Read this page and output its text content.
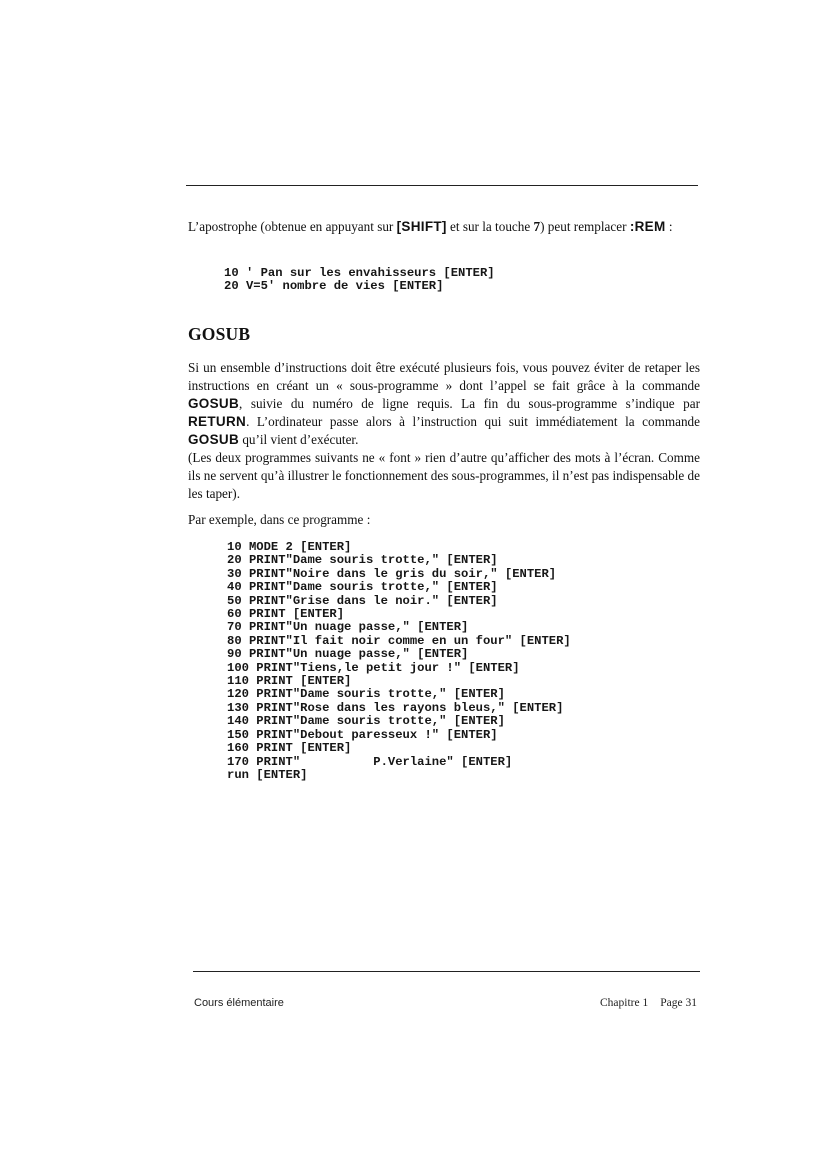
L’apostrophe (obtenue en appuyant sur [SHIFT] et sur la touche 7) peut remplacer :REM :

10 ' Pan sur les envahisseurs [ENTER]
20 V=5' nombre de vies [ENTER]
GOSUB

Si un ensemble d’instructions doit être exécuté plusieurs fois, vous pouvez éviter de retaper les instructions en créant un « sous-programme » dont l’appel se fait grâce à la commande GOSUB, suivie du numéro de ligne requis. La fin du sous-programme s’indique par RETURN. L’ordinateur passe alors à l’instruction qui suit immédiatement la commande GOSUB qu’il vient d’exécuter.

(Les deux programmes suivants ne « font » rien d’autre qu’afficher des mots à l’écran. Comme ils ne servent qu’à illustrer le fonctionnement des sous-programmes, il n’est pas indispensable de les taper).

Par exemple, dans ce programme :

10 MODE 2 [ENTER]
20 PRINT"Dame souris trotte," [ENTER]
30 PRINT"Noire dans le gris du soir," [ENTER]
40 PRINT"Dame souris trotte," [ENTER]
50 PRINT"Grise dans le noir." [ENTER]
60 PRINT [ENTER]
70 PRINT"Un nuage passe," [ENTER]
80 PRINT"Il fait noir comme en un four" [ENTER]
90 PRINT"Un nuage passe," [ENTER]
100 PRINT"Tiens,le petit jour !" [ENTER]
110 PRINT [ENTER]
120 PRINT"Dame souris trotte," [ENTER]
130 PRINT"Rose dans les rayons bleus," [ENTER]
140 PRINT"Dame souris trotte," [ENTER]
150 PRINT"Debout paresseux !" [ENTER]
160 PRINT [ENTER]
170 PRINT"          P.Verlaine" [ENTER]
run [ENTER]
Cours élémentaire	Chapitre 1 Page 31
